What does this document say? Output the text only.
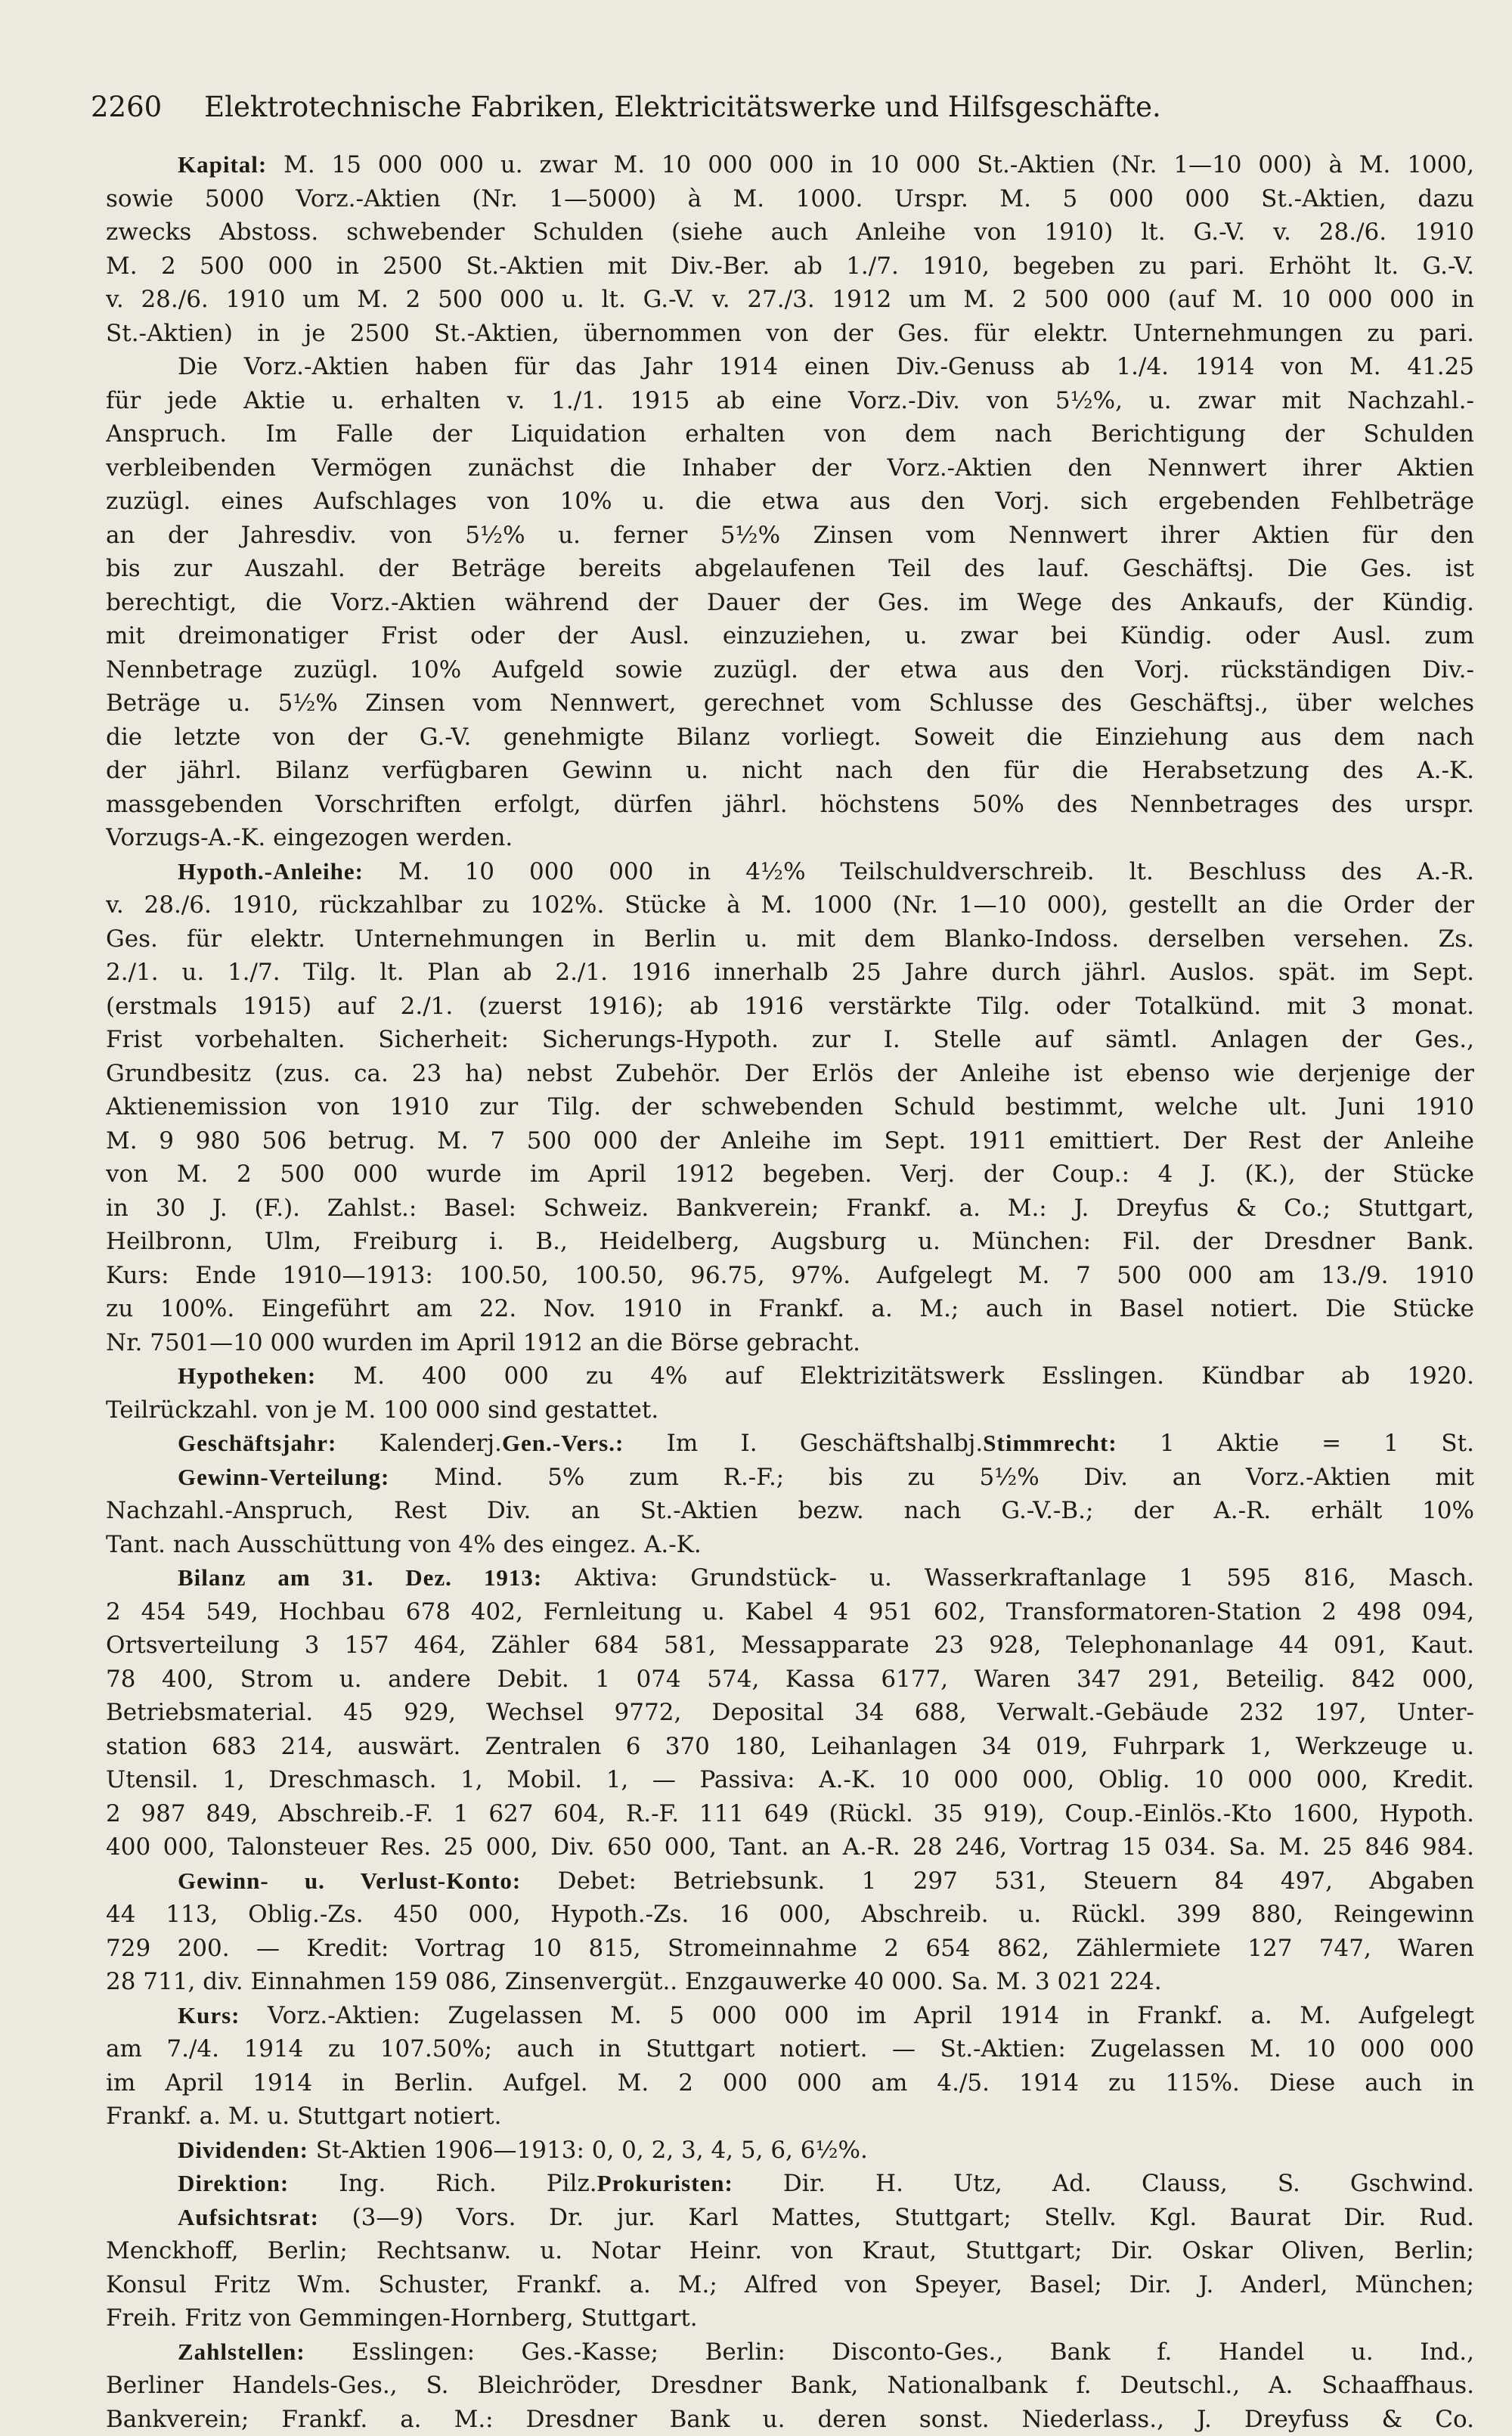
2260 Elektrotechnische Fabriken, Elektricitätswerke und Hilfsgeschäfte.
Kapital: M. 15 000 000 u. zwar M. 10 000 000 in 10 000 St.-Aktien (Nr. 1—10 000) à M. 1000,
sowie 5000 Vorz.-Aktien (Nr. 1—5000) à M. 1000. Urspr. M. 5 000 000 St.-Aktien, dazu
zwecks Abstoss. schwebender Schulden (siehe auch Anleihe von 1910) lt. G.-V. v. 28./6. 1910
M. 2 500 000 in 2500 St.-Aktien mit Div.-Ber. ab 1./7. 1910, begeben zu pari. Erhöht lt. G.-V.
v. 28./6. 1910 um M. 2 500 000 u. lt. G.-V. v. 27./3. 1912 um M. 2 500 000 (auf M. 10 000 000 in
St.-Aktien) in je 2500 St.-Aktien, übernommen von der Ges. für elektr. Unternehmungen zu pari.
Die Vorz.-Aktien haben für das Jahr 1914 einen Div.-Genuss ab 1./4. 1914 von M. 41.25
für jede Aktie u. erhalten v. 1./1. 1915 ab eine Vorz.-Div. von 5½%, u. zwar mit Nachzahl.-
Anspruch. Im Falle der Liquidation erhalten von dem nach Berichtigung der Schulden
verbleibenden Vermögen zunächst die Inhaber der Vorz.-Aktien den Nennwert ihrer Aktien
zuzügl. eines Aufschlages von 10% u. die etwa aus den Vorj. sich ergebenden Fehlbeträge
an der Jahresdiv. von 5½% u. ferner 5½% Zinsen vom Nennwert ihrer Aktien für den
bis zur Auszahl. der Beträge bereits abgelaufenen Teil des lauf. Geschäftsj. Die Ges. ist
berechtigt, die Vorz.-Aktien während der Dauer der Ges. im Wege des Ankaufs, der Kündig.
mit dreimonatiger Frist oder der Ausl. einzuziehen, u. zwar bei Kündig. oder Ausl. zum
Nennbetrage zuzügl. 10% Aufgeld sowie zuzügl. der etwa aus den Vorj. rückständigen Div.-
Beträge u. 5½% Zinsen vom Nennwert, gerechnet vom Schlusse des Geschäftsj., über welches
die letzte von der G.-V. genehmigte Bilanz vorliegt. Soweit die Einziehung aus dem nach
der jährl. Bilanz verfügbaren Gewinn u. nicht nach den für die Herabsetzung des A.-K.
massgebenden Vorschriften erfolgt, dürfen jährl. höchstens 50% des Nennbetrages des urspr.
Vorzugs-A.-K. eingezogen werden.
Hypoth.-Anleihe: M. 10 000 000 in 4½% Teilschuldverschreib. lt. Beschluss des A.-R.
v. 28./6. 1910, rückzahlbar zu 102%. Stücke à M. 1000 (Nr. 1—10 000), gestellt an die Order der
Ges. für elektr. Unternehmungen in Berlin u. mit dem Blanko-Indoss. derselben versehen. Zs.
2./1. u. 1./7. Tilg. lt. Plan ab 2./1. 1916 innerhalb 25 Jahre durch jährl. Auslos. spät. im Sept.
(erstmals 1915) auf 2./1. (zuerst 1916); ab 1916 verstärkte Tilg. oder Totalkünd. mit 3 monat.
Frist vorbehalten. Sicherheit: Sicherungs-Hypoth. zur I. Stelle auf sämtl. Anlagen der Ges.,
Grundbesitz (zus. ca. 23 ha) nebst Zubehör. Der Erlös der Anleihe ist ebenso wie derjenige der
Aktienemission von 1910 zur Tilg. der schwebenden Schuld bestimmt, welche ult. Juni 1910
M. 9 980 506 betrug. M. 7 500 000 der Anleihe im Sept. 1911 emittiert. Der Rest der Anleihe
von M. 2 500 000 wurde im April 1912 begeben. Verj. der Coup.: 4 J. (K.), der Stücke
in 30 J. (F.). Zahlst.: Basel: Schweiz. Bankverein; Frankf. a. M.: J. Dreyfus & Co.; Stuttgart,
Heilbronn, Ulm, Freiburg i. B., Heidelberg, Augsburg u. München: Fil. der Dresdner Bank.
Kurs: Ende 1910—1913: 100.50, 100.50, 96.75, 97%. Aufgelegt M. 7 500 000 am 13./9. 1910
zu 100%. Eingeführt am 22. Nov. 1910 in Frankf. a. M.; auch in Basel notiert. Die Stücke
Nr. 7501—10 000 wurden im April 1912 an die Börse gebracht.
Hypotheken: M. 400 000 zu 4% auf Elektrizitätswerk Esslingen. Kündbar ab 1920.
Teilrückzahl. von je M. 100 000 sind gestattet.
Geschäftsjahr: Kalenderj.Gen.-Vers.: Im I. Geschäftshalbj.Stimmrecht: 1 Aktie = 1 St.
Gewinn-Verteilung: Mind. 5% zum R.-F.; bis zu 5½% Div. an Vorz.-Aktien mit
Nachzahl.-Anspruch, Rest Div. an St.-Aktien bezw. nach G.-V.-B.; der A.-R. erhält 10%
Tant. nach Ausschüttung von 4% des eingez. A.-K.
Bilanz am 31. Dez. 1913: Aktiva: Grundstück- u. Wasserkraftanlage 1 595 816, Masch.
2 454 549, Hochbau 678 402, Fernleitung u. Kabel 4 951 602, Transformatoren-Station 2 498 094,
Ortsverteilung 3 157 464, Zähler 684 581, Messapparate 23 928, Telephonanlage 44 091, Kaut.
78 400, Strom u. andere Debit. 1 074 574, Kassa 6177, Waren 347 291, Beteilig. 842 000,
Betriebsmaterial. 45 929, Wechsel 9772, Deposital 34 688, Verwalt.-Gebäude 232 197, Unter-
station 683 214, auswärt. Zentralen 6 370 180, Leihanlagen 34 019, Fuhrpark 1, Werkzeuge u.
Utensil. 1, Dreschmasch. 1, Mobil. 1, — Passiva: A.-K. 10 000 000, Oblig. 10 000 000, Kredit.
2 987 849, Abschreib.-F. 1 627 604, R.-F. 111 649 (Rückl. 35 919), Coup.-Einlös.-Kto 1600, Hypoth.
400 000, Talonsteuer Res. 25 000, Div. 650 000, Tant. an A.-R. 28 246, Vortrag 15 034. Sa. M. 25 846 984.
Gewinn- u. Verlust-Konto: Debet: Betriebsunk. 1 297 531, Steuern 84 497, Abgaben
44 113, Oblig.-Zs. 450 000, Hypoth.-Zs. 16 000, Abschreib. u. Rückl. 399 880, Reingewinn
729 200. — Kredit: Vortrag 10 815, Stromeinnahme 2 654 862, Zählermiete 127 747, Waren
28 711, div. Einnahmen 159 086, Zinsenvergüt.. Enzgauwerke 40 000. Sa. M. 3 021 224.
Kurs: Vorz.-Aktien: Zugelassen M. 5 000 000 im April 1914 in Frankf. a. M. Aufgelegt
am 7./4. 1914 zu 107.50%; auch in Stuttgart notiert. — St.-Aktien: Zugelassen M. 10 000 000
im April 1914 in Berlin. Aufgel. M. 2 000 000 am 4./5. 1914 zu 115%. Diese auch in
Frankf. a. M. u. Stuttgart notiert.
Dividenden: St-Aktien 1906—1913: 0, 0, 2, 3, 4, 5, 6, 6½%.
Direktion: Ing. Rich. Pilz.Prokuristen: Dir. H. Utz, Ad. Clauss, S. Gschwind.
Aufsichtsrat: (3—9) Vors. Dr. jur. Karl Mattes, Stuttgart; Stellv. Kgl. Baurat Dir. Rud.
Menckhoff, Berlin; Rechtsanw. u. Notar Heinr. von Kraut, Stuttgart; Dir. Oskar Oliven, Berlin;
Konsul Fritz Wm. Schuster, Frankf. a. M.; Alfred von Speyer, Basel; Dir. J. Anderl, München;
Freih. Fritz von Gemmingen-Hornberg, Stuttgart.
Zahlstellen: Esslingen: Ges.-Kasse; Berlin: Disconto-Ges., Bank f. Handel u. Ind.,
Berliner Handels-Ges., S. Bleichröder, Dresdner Bank, Nationalbank f. Deutschl., A. Schaaffhaus.
Bankverein; Frankf. a. M.: Dresdner Bank u. deren sonst. Niederlass., J. Dreyfuss & Co.
